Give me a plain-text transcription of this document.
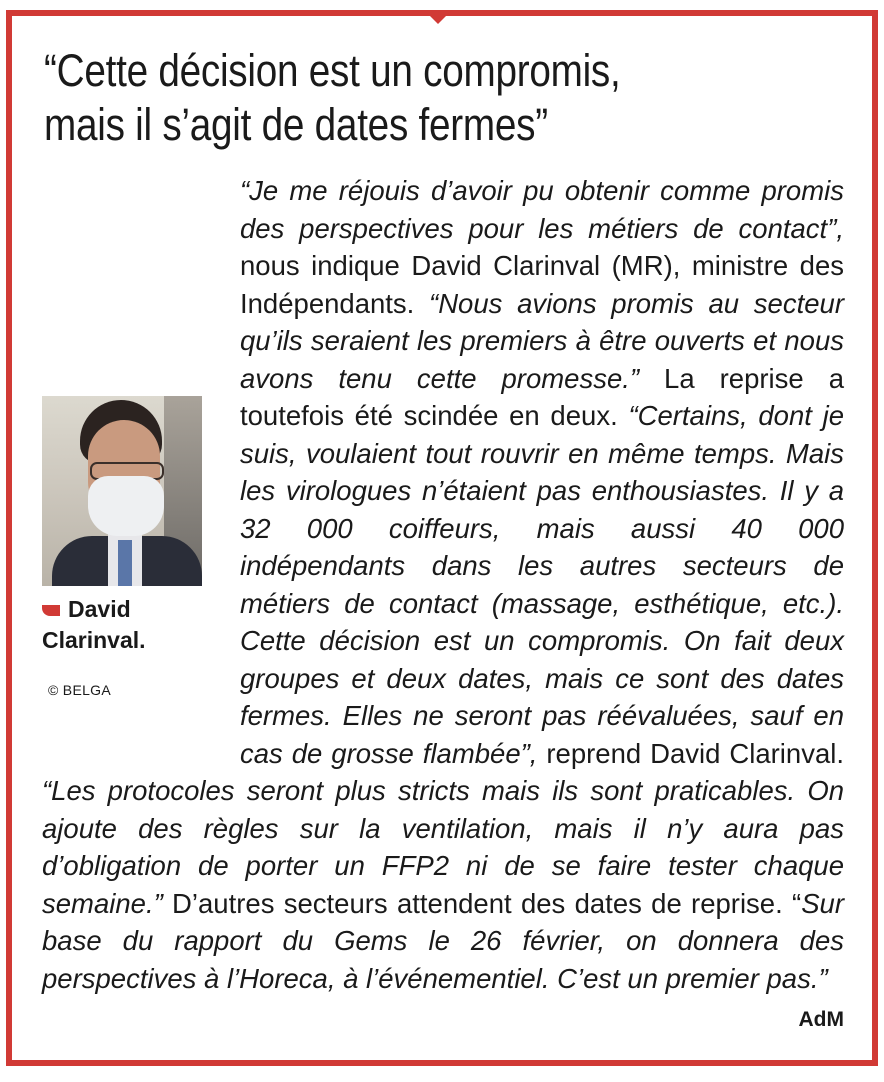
“Cette décision est un compromis,
mais il s’agit de dates fermes”
David
Clarinval.
© BELGA
“Je me réjouis d’avoir pu obtenir comme promis des perspectives pour les métiers de contact”, nous indique David Clarinval (MR), ministre des Indépendants. “Nous avions promis au secteur qu’ils seraient les premiers à être ouverts et nous avons tenu cette promesse.” La reprise a toutefois été scindée en deux. “Certains, dont je suis, voulaient tout rouvrir en même temps. Mais les virologues n’étaient pas enthousiastes. Il y a 32 000 coiffeurs, mais aussi 40 000 indépendants dans les autres secteurs de métiers de contact (massage, esthétique, etc.). Cette décision est un compromis. On fait deux groupes et deux dates, mais ce sont des dates fermes. Elles ne seront pas réévaluées, sauf en cas de grosse flambée”, reprend David Clarinval. “Les protocoles seront plus stricts mais ils sont praticables. On ajoute des règles sur la ventilation, mais il n’y aura pas d’obligation de porter un FFP2 ni de se faire tester chaque semaine.” D’autres secteurs attendent des dates de reprise. “Sur base du rapport du Gems le 26 février, on donnera des perspectives à l’Horeca, à l’événementiel. C’est un premier pas.”
AdM
